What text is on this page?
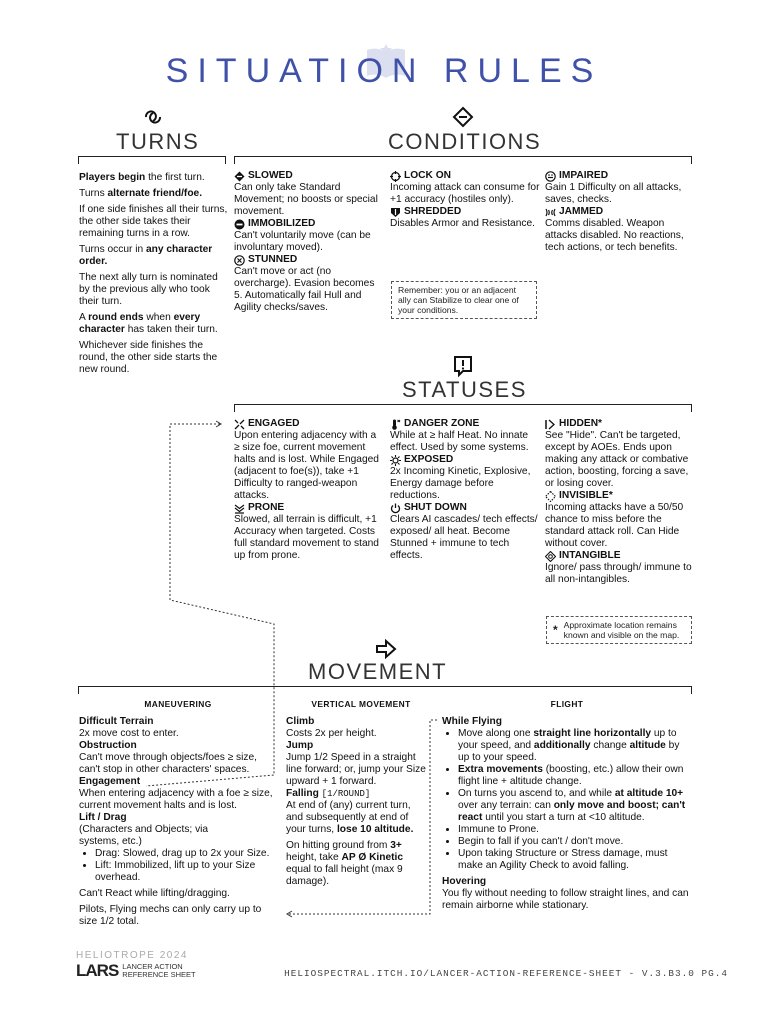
SITUATION RULES
TURNS	CONDITIONS

Players begin the first turn.

Turns alternate friend/foe.

If one side finishes all their turns, the other side takes their remaining turns in a row.

Turns occur in any character order.

The next ally turn is nominated by the previous ally who took their turn.

A round ends when every character has taken their turn.

Whichever side finishes the round, the other side starts the new round.

SLOWED
Can only take Standard Movement; no boosts or special movement.
IMMOBILIZED
Can't voluntarily move (can be involuntary moved).
STUNNED
Can't move or act (no overcharge). Evasion becomes 5. Automatically fail Hull and Agility checks/saves.
LOCK ON
Incoming attack can consume for +1 accuracy (hostiles only).
SHREDDED
Disables Armor and Resistance.
Remember: you or an adjacent ally can Stabilize to clear one of your conditions.
IMPAIRED
Gain 1 Difficulty on all attacks, saves, checks.
JAMMED
Comms disabled. Weapon attacks disabled. No reactions, tech actions, or tech benefits.
STATUSES
ENGAGED
Upon entering adjacency with a ≥ size foe, current movement halts and is lost. While Engaged (adjacent to foe(s)), take +1 Difficulty to ranged-weapon attacks.
PRONE
Slowed, all terrain is difficult, +1 Accuracy when targeted. Costs full standard movement to stand up from prone.
DANGER ZONE
While at ≥ half Heat. No innate effect. Used by some systems.
EXPOSED
2x Incoming Kinetic, Explosive, Energy damage before reductions.
SHUT DOWN
Clears AI cascades/ tech effects/ exposed/ all heat. Become Stunned + immune to tech effects.
HIDDEN*
See "Hide". Can't be targeted, except by AOEs. Ends upon making any attack or combative action, boosting, forcing a save, or losing cover.
INVISIBLE*
Incoming attacks have a 50/50 chance to miss before the standard attack roll. Can Hide without cover.
INTANGIBLE
Ignore/ pass through/ immune to all non-intangibles.
* Approximate location remains known and visible on the map.
MOVEMENT
MANEUVERING	VERTICAL MOVEMENT	FLIGHT
Difficult Terrain
2x move cost to enter.
Obstruction
Can't move through objects/foes ≥ size, can't stop in other characters' spaces.
Engagement
When entering adjacency with a foe ≥ size, current movement halts and is lost.
Lift / Drag
(Characters and Objects; via systems, etc.)
• Drag: Slowed, drag up to 2x your Size.
• Lift: Immobilized, lift up to your Size overhead.

Can't React while lifting/dragging.

Pilots, Flying mechs can only carry up to size 1/2 total.

Climb
Costs 2x per height.
Jump
Jump 1/2 Speed in a straight line forward; or, jump your Size upward + 1 forward.
Falling [1/ROUND]

At end of (any) current turn, and subsequently at end of your turns, lose 10 altitude.

On hitting ground from 3+ height, take AP Ø Kinetic equal to fall height (max 9 damage).

While Flying
• Move along one straight line horizontally up to your speed, and additionally change altitude by up to your speed.
• Extra movements (boosting, etc.) allow their own flight line + altitude change.
• On turns you ascend to, and while at altitude 10+ over any terrain: can only move and boost; can't react until you start a turn at <10 altitude.
• Immune to Prone.
• Begin to fall if you can't / don't move.
• Upon taking Structure or Stress damage, must make an Agility Check to avoid falling.
Hovering
You fly without needing to follow straight lines, and can remain airborne while stationary.
HELIOTROPE 2024
LARS LANCER ACTION
REFERENCE SHEET	HELIOSPECTRAL.ITCH.IO/LANCER-ACTION-REFERENCE-SHEET - V.3.B3.0 PG.4
